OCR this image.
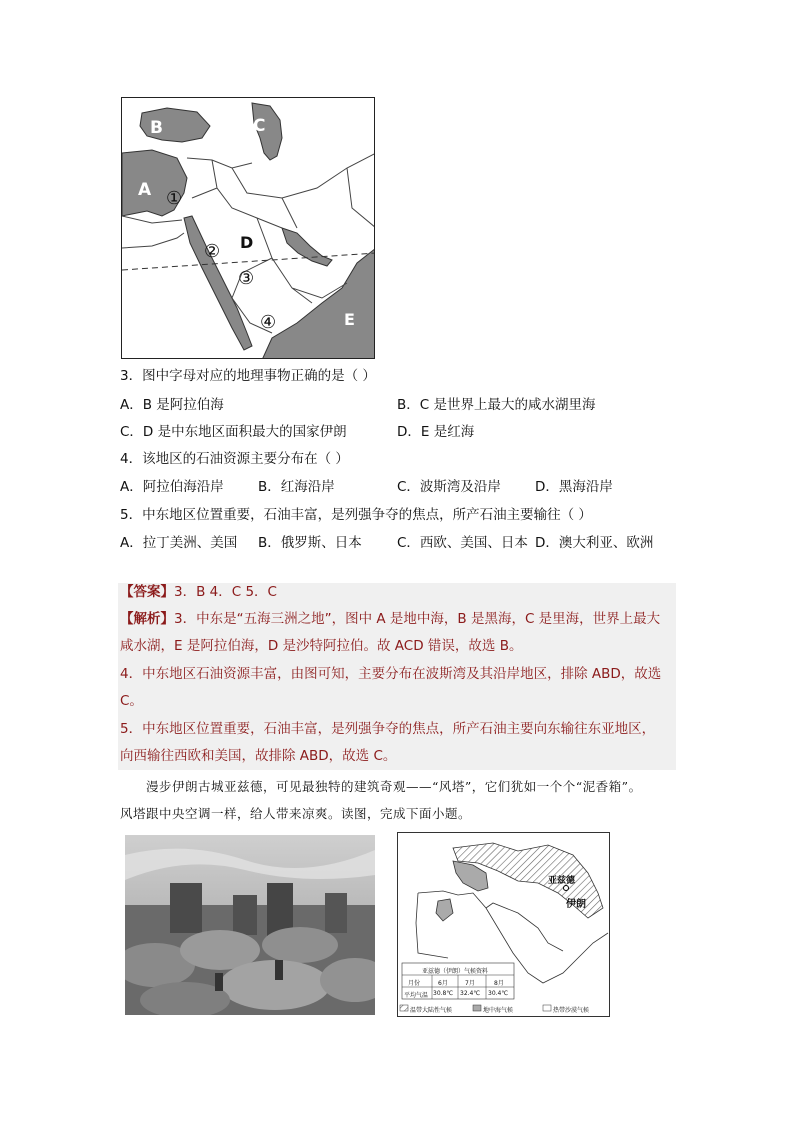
B	C
A
D
E
①
②
③
④
3．图中字母对应的地理事物正确的是（ ）
A．B 是阿拉伯海	B．C 是世界上最大的咸水湖里海
C．D 是中东地区面积最大的国家伊朗	D．E 是红海
4．该地区的石油资源主要分布在（ ）
A．阿拉伯海沿岸	B．红海沿岸	C．波斯湾及沿岸	D．黑海沿岸
5．中东地区位置重要，石油丰富，是列强争夺的焦点，所产石油主要输往（ ）
A．拉丁美洲、美国 B．俄罗斯、日本	C．西欧、美国、日本 D．澳大利亚、欧洲
【答案】3．B 4．C 5．C
【解析】3．中东是“五海三洲之地”，图中 A 是地中海，B 是黑海，C 是里海，世界上最大
咸水湖，E 是阿拉伯海，D 是沙特阿拉伯。故 ACD 错误，故选 B。
4．中东地区石油资源丰富，由图可知，主要分布在波斯湾及其沿岸地区，排除 ABD，故选
C。
5．中东地区位置重要，石油丰富，是列强争夺的焦点，所产石油主要向东输往东亚地区，
向西输往西欧和美国，故排除 ABD，故选 C。
漫步伊朗古城亚兹德，可见最独特的建筑奇观——“风塔”，它们犹如一个个“泥香箱”。
风塔跟中央空调一样，给人带来凉爽。读图，完成下面小题。
亚兹德
伊朗
亚兹德（伊朗）气候资料
月份	6月	7月	8月
平均气温 30.8℃ 32.4℃ 30.4℃
温带大陆性气候	地中海气候	热带沙漠气候
